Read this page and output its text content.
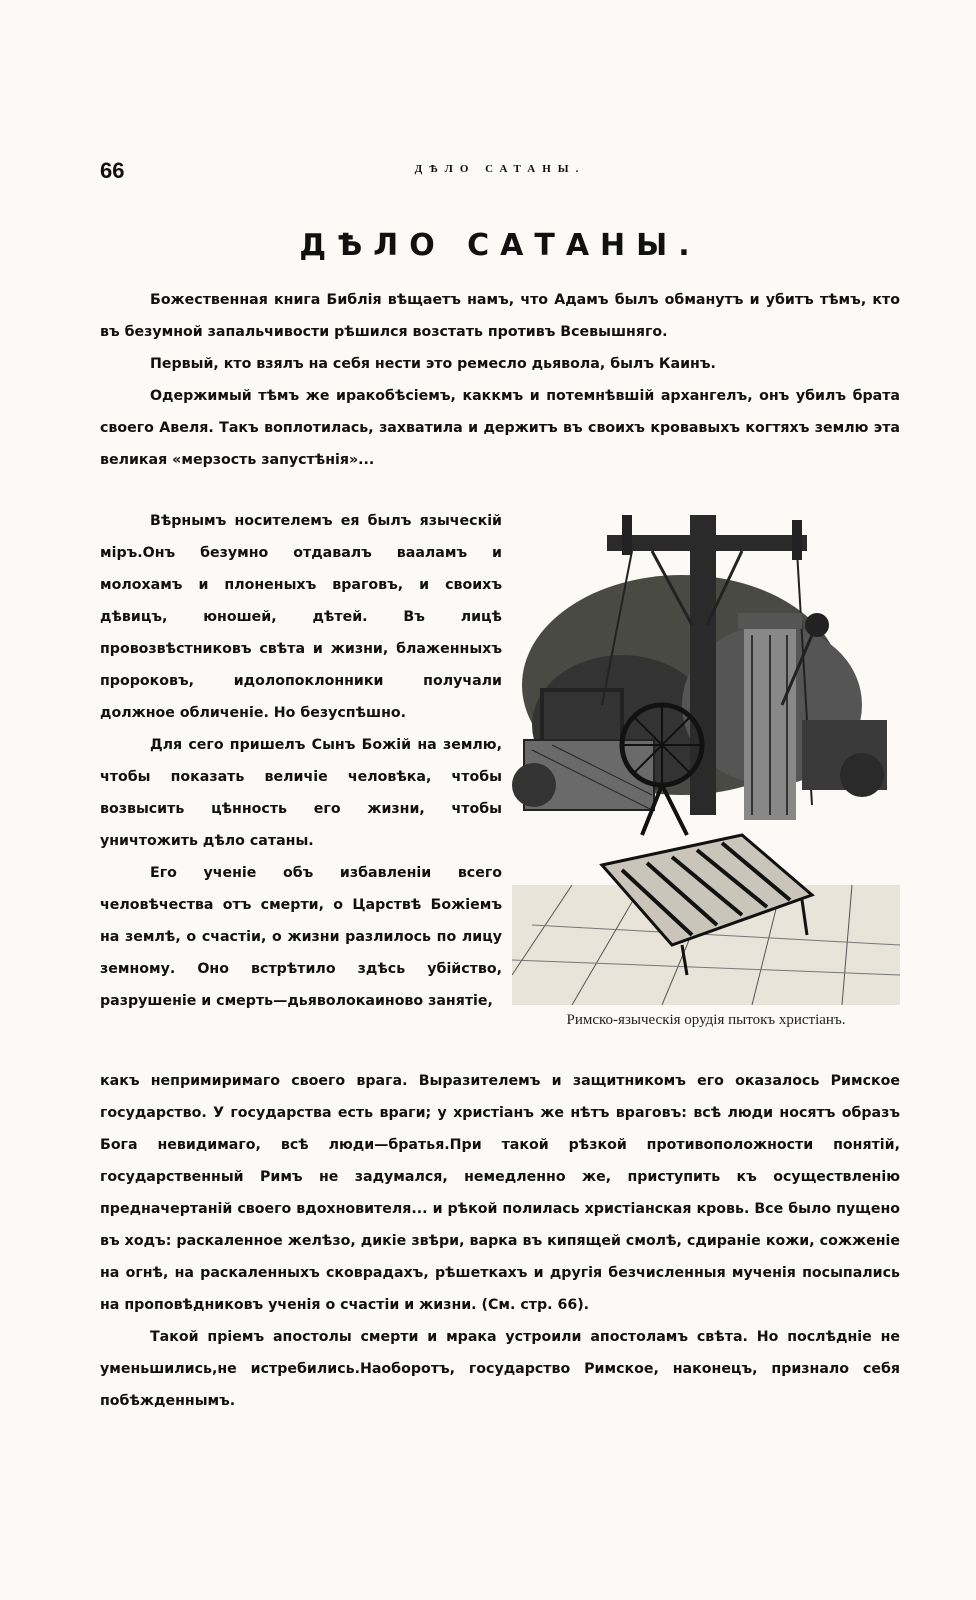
66	ДѢЛО САТАНЫ.
ДѢЛО САТАНЫ.

Божественная книга Библія вѣщаетъ намъ, что Адамъ былъ обманутъ и убитъ тѣмъ, кто въ безумной запальчивости рѣшился возстать противъ Всевышняго.

Первый, кто взялъ на себя нести это ремесло дьявола, былъ Каинъ.

Одержимый тѣмъ же иракобѣсіемъ, каккмъ и потемнѣвшій архангелъ, онъ убилъ брата своего Авеля. Такъ воплотилась, захватила и держитъ въ своихъ кровавыхъ когтяхъ землю эта великая «мерзость запустѣнія»...

Вѣрнымъ носителемъ ея былъ языческій міръ.Онъ безумно отдавалъ вааламъ и молохамъ и плоненыхъ враговъ, и своихъ дѣвицъ, юношей, дѣтей. Въ лицѣ провозвѣстниковъ свѣта и жизни, блаженныхъ пророковъ, идолопоклонники получали должное обличеніе. Но безуспѣшно.

Для сего пришелъ Сынъ Божій на землю, чтобы показать величіе человѣка, чтобы возвысить цѣнность его жизни, чтобы уничтожить дѣло сатаны.

Его ученіе объ избавленіи всего человѣчества отъ смерти, о Царствѣ Божіемъ на землѣ, о счастіи, о жизни разлилось по лицу земному. Оно встрѣтило здѣсь убійство, разрушеніе и смерть—дьяволокаиново занятіе,

Римско-языческія орудія пытокъ христіанъ.

какъ непримиримаго своего врага. Выразителемъ и защитникомъ его оказалось Римское государство. У государства есть враги; у христіанъ же нѣтъ враговъ: всѣ люди носятъ образъ Бога невидимаго, всѣ люди—братья.При такой рѣзкой противоположности понятій, государственный Римъ не задумался, немедленно же, приступить къ осуществленію предначертаній своего вдохновителя... и рѣкой полилась христіанская кровь. Все было пущено въ ходъ: раскаленное желѣзо, дикіе звѣри, варка въ кипящей смолѣ, сдираніе кожи, сожженіе на огнѣ, на раскаленныхъ сковрадахъ, рѣшеткахъ и другія безчисленныя мученія посыпались на проповѣдниковъ ученія о счастіи и жизни. (См. стр. 66).

Такой пріемъ апостолы смерти и мрака устроили апостоламъ свѣта. Но послѣдніе не уменьшились,не истребились.Наоборотъ, государство Римское, наконецъ, признало себя побѣжденнымъ.
